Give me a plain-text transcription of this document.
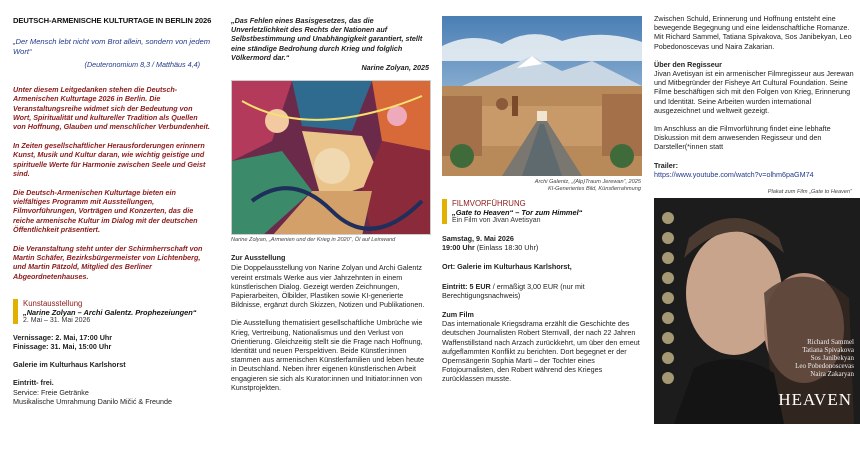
DEUTSCH-ARMENISCHE KULTURTAGE IN BERLIN 2026
„Der Mensch lebt nicht vom Brot allein, sondern von jedem Wort“
(Deuteronomium 8,3 / Matthäus 4,4)
Unter diesem Leitgedanken stehen die Deutsch-Armenischen Kulturtage 2026 in Berlin. Die Veranstaltungsreihe widmet sich der Bedeutung von Wort, Spiritualität und kultureller Tradition als Quellen von Hoffnung, Glauben und menschlicher Verbundenheit.
In Zeiten gesellschaftlicher Herausforderungen erinnern Kunst, Musik und Kultur daran, wie wichtig geistige und spirituelle Werte für Harmonie zwischen Seele und Geist sind.
Die Deutsch-Armenischen Kulturtage bieten ein vielfältiges Programm mit Ausstellungen, Filmvorführungen, Vorträgen und Konzerten, das die reiche armenische Kultur im Dialog mit der deutschen Öffentlichkeit präsentiert.
Die Veranstaltung steht unter der Schirmherrschaft von Martin Schäfer, Bezirksbürgermeister von Lichtenberg, und Martin Pätzold, Mitglied des Berliner Abgeordnetenhauses.
Kunstausstellung
„Narine Zolyan – Archi Galentz. Prophezeiungen“
2. Mai – 31. Mai 2026
Vernissage: 2. Mai, 17:00 Uhr
Finissage: 31. Mai, 15:00 Uhr
Galerie im Kulturhaus Karlshorst
Eintritt- frei.
Service: Freie Getränke
Musikalische Umrahmung Danilo Mičić & Freunde
„Das Fehlen eines Basisgesetzes, das die Unverletzlichkeit des Rechts der Nationen auf Selbstbestimmung und Unabhängigkeit garantiert, stellt eine ständige Bedrohung durch Krieg und folglich Völkermord dar.“
Narine Zolyan, 2025
Narine Zolyan, „Armenien und der Krieg in 2020“, Öl auf Leinwand
Zur Ausstellung
Die Doppelausstellung von Narine Zolyan und Archi Galentz vereint erstmals Werke aus vier Jahrzehnten in einem künstlerischen Dialog. Gezeigt werden Zeichnungen, Papierarbeiten, Ölbilder, Plastiken sowie KI-generierte Bildnisse, ergänzt durch Skizzen, Notizen und Publikationen.
Die Ausstellung thematisiert gesellschaftliche Umbrüche wie Krieg, Vertreibung, Nationalismus und den Verlust von Orientierung. Gleichzeitig stellt sie die Frage nach Hoffnung, Identität und neuen Perspektiven. Beide Künstler:innen stammen aus armenischen Künstlerfamilien und leben heute in Deutschland. Neben ihrer eigenen künstlerischen Arbeit engagieren sie sich als Kurator:innen und Initiator:innen von Kunstprojekten.
Archi Galentz, „(Alp)Traum Jerewan“, 2025
KI-Generiertes Bild, Künstlerrahmung
FILMVORFÜHRUNG
„Gate to Heaven“ – Tor zum Himmel“
Ein Film von Jivan Avetisyan
Samstag, 9. Mai 2026
19:00 Uhr (Einlass 18:30 Uhr)
Ort: Galerie im Kulturhaus Karlshorst,
Eintritt: 5 EUR / ermäßigt 3,00 EUR (nur mit Berechtigungsnachweis)
Zum Film
Das internationale Kriegsdrama erzählt die Geschichte des deutschen Journalisten Robert Sternvall, der nach 22 Jahren Waffenstillstand nach Arzach zurückkehrt, um über den erneut aufgeflammten Konflikt zu berichten. Dort begegnet er der Opernsängerin Sophia Marti – der Tochter eines Fotojournalisten, den Robert während des Krieges zurücklassen musste.
Zwischen Schuld, Erinnerung und Hoffnung entsteht eine bewegende Begegnung und eine leidenschaftliche Romanze. Mit Richard Sammel, Tatiana Spivakova, Sos Janibekyan, Leo Pobedonoscevas und Naira Zakarian.
Über den Regisseur
Jivan Avetisyan ist ein armenischer Filmregisseur aus Jerewan und Mitbegründer der Fisheye Art Cultural Foundation. Seine Filme beschäftigen sich mit den Folgen von Krieg, Erinnerung und Identität. Seine Arbeiten wurden international ausgezeichnet und weltweit gezeigt.
Im Anschluss an die Filmvorführung findet eine lebhafte Diskussion mit dem anwesenden Regisseur und den Darsteller(*innen statt
Trailer:
https://www.youtube.com/watch?v=olhm6paGM74
Plakat zum Film „Gate to Heaven“
Richard Sammel
Tatiana Spivakova
Sos Janibekyan
Leo Pobedonoscevas
Naira Zakaryan
HEAVEN
